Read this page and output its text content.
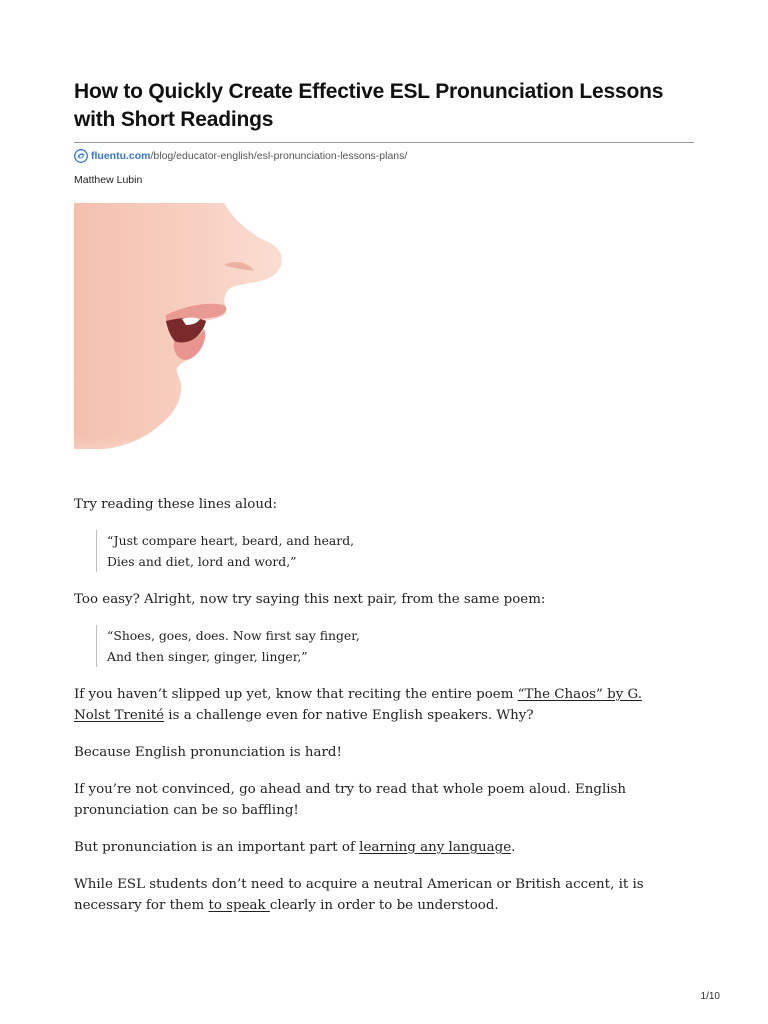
How to Quickly Create Effective ESL Pronunciation Lessons with Short Readings
fluentu.com /blog/educator-english/esl-pronunciation-lessons-plans/
Matthew Lubin

Try reading these lines aloud:

“Just compare heart, beard, and heard,
Dies and diet, lord and word,”

Too easy? Alright, now try saying this next pair, from the same poem:

“Shoes, goes, does. Now first say finger,
And then singer, ginger, linger,”

If you haven’t slipped up yet, know that reciting the entire poem “The Chaos” by G. Nolst Trenité is a challenge even for native English speakers. Why?

Because English pronunciation is hard!

If you’re not convinced, go ahead and try to read that whole poem aloud. English pronunciation can be so baffling!

But pronunciation is an important part of learning any language.

While ESL students don’t need to acquire a neutral American or British accent, it is necessary for them to speak clearly in order to be understood.

1/10
